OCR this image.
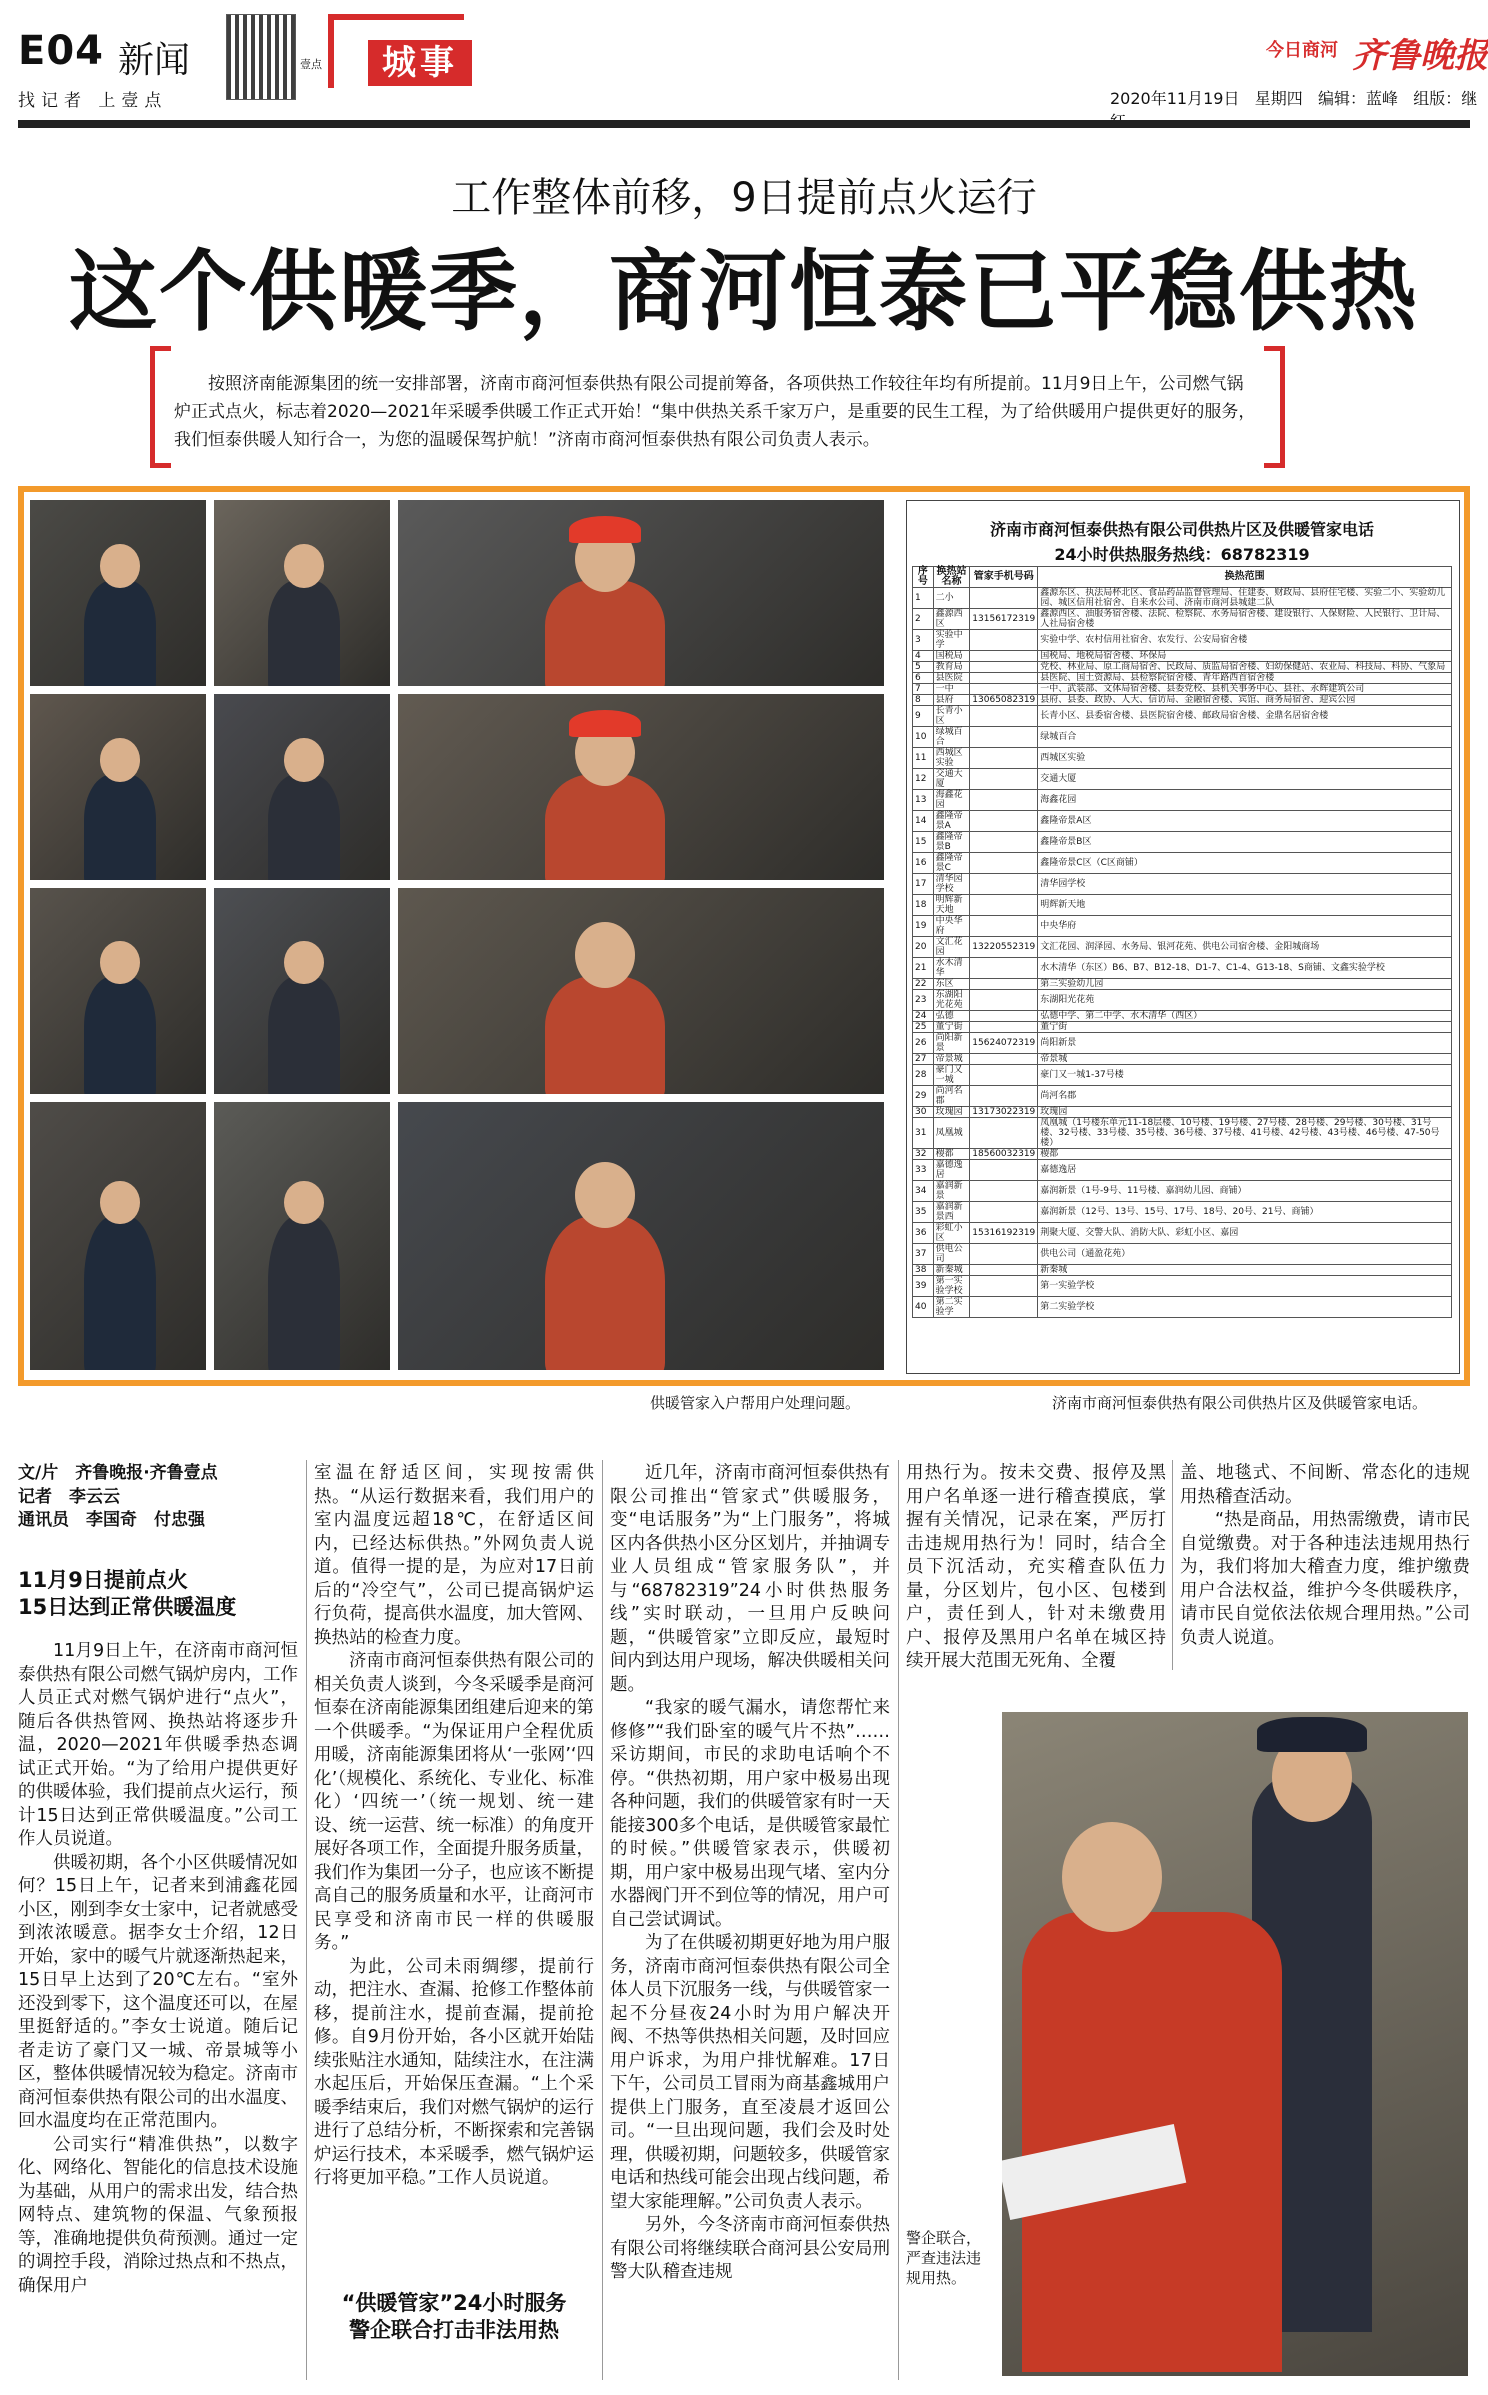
E04 新闻
找记者 上壹点
壹点	城事	今日商河 齐鲁晚报
2020年11月19日 星期四 编辑：蓝峰 组版：继
工作整体前移，9日提前点火运行
这个供暖季，商河恒泰已平稳供热
按照济南能源集团的统一安排部署，济南市商河恒泰供热有限公司提前筹备，各项供热工作较往年均有所提前。11月9日上午，公司燃气锅炉正式点火，标志着2020—2021年采暖季供暖工作正式开始！“集中供热关系千家万户，是重要的民生工程，为了给供暖用户提供更好的服务，我们恒泰供暖人知行合一，为您的温暖保驾护航！”济南市商河恒泰供热有限公司负责人表示。
济南市商河恒泰供热有限公司供热片区及供暖管家电话
24小时供热服务热线：68782319
序号	换热站名称	管家手机号码	换热范围
1	二小		鑫源东区、执法局杯北区、食品药品监督管理局、住建委、财政局、县府住宅楼、实验二小、实验幼儿园、城区信用社宿舍、自来水公司、济南市商河县城建二队
2	鑫源西区	13156172319	鑫源西区、油服务宿舍楼、法院、检察院、水务局宿舍楼、建设银行、人保财险、人民银行、卫计局、人社局宿舍楼
3	实验中学		实验中学、农村信用社宿舍、农发行、公安局宿舍楼
4	国税局		国税局、地税局宿舍楼、环保局
5	教育局		党校、林业局、原工商局宿舍、民政局、质监局宿舍楼、妇幼保健站、农业局、科技局、科协、气象局
6	县医院		县医院、国土资源局、县检察院宿舍楼、青年路西首宿舍楼
7	一中		一中、武装部、文体局宿舍楼、县委党校、县机关事务中心、县社、永辉建筑公司
8	县府	13065082319	县府、县委、政协、人大、信访局、金融宿舍楼、宾馆、商务局宿舍、迎宾公园
9	长青小区		长青小区、县委宿舍楼、县医院宿舍楼、邮政局宿舍楼、金鼎名居宿舍楼
10	绿城百合		绿城百合
11	西城区实验		西城区实验
12	交通大厦		交通大厦
13	海鑫花园		海鑫花园
14	鑫隆帝景A		鑫隆帝景A区
15	鑫隆帝景B		鑫隆帝景B区
16	鑫隆帝景C		鑫隆帝景C区（C区商铺）
17	清华园学校		清华园学校
18	明辉新天地		明辉新天地
19	中央华府		中央华府
20	文汇花园	13220552319	文汇花园、润泽园、水务局、银河花苑、供电公司宿舍楼、金阳城商场
21	水木清华		水木清华（东区）B6、B7、B12-18、D1-7、C1-4、G13-18、S商铺、文鑫实验学校
22	东区		第三实验幼儿园
23	东湖阳光花苑		东湖阳光花苑
24	弘德		弘德中学、第二中学、水木清华（西区）
25	董宁街		董宁街
26	尚阳新景	15624072319	尚阳新景
27	帝景城		帝景城
28	豪门又一城		豪门又一城1-37号楼
29	尚河名郡		尚河名郡
30	玫瑰园	13173022319	玫瑰园
31	凤凰城		凤凰城（1号楼东单元11-18层楼、10号楼、19号楼、27号楼、28号楼、29号楼、30号楼、31号楼、32号楼、33号楼、35号楼、36号楼、37号楼、41号楼、42号楼、43号楼、46号楼、47-50号楼）
32	稷都	18560032319	稷都
33	嘉德逸居		嘉德逸居
34	嘉润新景		嘉润新景（1号-9号、11号楼、嘉润幼儿园、商铺）
35	嘉润新景西		嘉润新景（12号、13号、15号、17号、18号、20号、21号、商铺）
36	彩虹小区	15316192319	荆聚大厦、交警大队、消防大队、彩虹小区、嘉园
37	供电公司		供电公司（通盈花苑）
38	新秦城		新秦城
39	第一实验学校		第一实验学校
40	第二实验学		第二实验学校
供暖管家入户帮用户处理问题。	济南市商河恒泰供热有限公司供热片区及供暖管家电话。
文/片　齐鲁晚报·齐鲁壹点
记者　李云云
通讯员　李国奇　付忠强
11月9日提前点火
15日达到正常供暖温度

11月9日上午，在济南市商河恒泰供热有限公司燃气锅炉房内，工作人员正式对燃气锅炉进行“点火”，随后各供热管网、换热站将逐步升温，2020—2021年供暖季热态调试正式开始。“为了给用户提供更好的供暖体验，我们提前点火运行，预计15日达到正常供暖温度。”公司工作人员说道。

供暖初期，各个小区供暖情况如何？15日上午，记者来到浦鑫花园小区，刚到李女士家中，记者就感受到浓浓暖意。据李女士介绍，12日开始，家中的暖气片就逐渐热起来，15日早上达到了20℃左右。“室外还没到零下，这个温度还可以，在屋里挺舒适的。”李女士说道。随后记者走访了豪门又一城、帝景城等小区，整体供暖情况较为稳定。济南市商河恒泰供热有限公司的出水温度、回水温度均在正常范围内。

公司实行“精准供热”，以数字化、网络化、智能化的信息技术设施为基础，从用户的需求出发，结合热网特点、建筑物的保温、气象预报等，准确地提供负荷预测。通过一定的调控手段，消除过热点和不热点，确保用户

室温在舒适区间，实现按需供热。“从运行数据来看，我们用户的室内温度远超18℃，在舒适区间内，已经达标供热。”外网负责人说道。值得一提的是，为应对17日前后的“冷空气”，公司已提高锅炉运行负荷，提高供水温度，加大管网、换热站的检查力度。

济南市商河恒泰供热有限公司的相关负责人谈到，今冬采暖季是商河恒泰在济南能源集团组建后迎来的第一个供暖季。“为保证用户全程优质用暖，济南能源集团将从‘一张网’‘四化’（规模化、系统化、专业化、标准化）‘四统一’（统一规划、统一建设、统一运营、统一标准）的角度开展好各项工作，全面提升服务质量，我们作为集团一分子，也应该不断提高自己的服务质量和水平，让商河市民享受和济南市民一样的供暖服务。”

为此，公司未雨绸缪，提前行动，把注水、查漏、抢修工作整体前移，提前注水，提前查漏，提前抢修。自9月份开始，各小区就开始陆续张贴注水通知，陆续注水，在注满水起压后，开始保压查漏。“上个采暖季结束后，我们对燃气锅炉的运行进行了总结分析，不断探索和完善锅炉运行技术，本采暖季，燃气锅炉运行将更加平稳。”工作人员说道。

“供暖管家”24小时服务
警企联合打击非法用热

近几年，济南市商河恒泰供热有限公司推出“管家式”供暖服务，变“电话服务”为“上门服务”，将城区内各供热小区分区划片，并抽调专业人员组成“管家服务队”，并与“68782319”24小时供热服务线”实时联动，一旦用户反映问题，“供暖管家”立即反应，最短时间内到达用户现场，解决供暖相关问题。

“我家的暖气漏水，请您帮忙来修修”“我们卧室的暖气片不热”……采访期间，市民的求助电话响个不停。“供热初期，用户家中极易出现各种问题，我们的供暖管家有时一天能接300多个电话，是供暖管家最忙的时候。”供暖管家表示，供暖初期，用户家中极易出现气堵、室内分水器阀门开不到位等的情况，用户可自己尝试调试。

为了在供暖初期更好地为用户服务，济南市商河恒泰供热有限公司全体人员下沉服务一线，与供暖管家一起不分昼夜24小时为用户解决开阀、不热等供热相关问题，及时回应用户诉求，为用户排忧解难。17日下午，公司员工冒雨为商基鑫城用户提供上门服务，直至凌晨才返回公司。“一旦出现问题，我们会及时处理，供暖初期，问题较多，供暖管家电话和热线可能会出现占线问题，希望大家能理解。”公司负责人表示。

另外，今冬济南市商河恒泰供热有限公司将继续联合商河县公安局刑警大队稽查违规

用热行为。按未交费、报停及黑用户名单逐一进行稽查摸底，掌握有关情况，记录在案，严厉打击违规用热行为！同时，结合全员下沉活动，充实稽查队伍力量，分区划片，包小区、包楼到户，责任到人，针对未缴费用户、报停及黑用户名单在城区持续开展大范围无死角、全覆

盖、地毯式、不间断、常态化的违规用热稽查活动。

“热是商品，用热需缴费，请市民自觉缴费。对于各种违法违规用热行为，我们将加大稽查力度，维护缴费用户合法权益，维护今冬供暖秩序，请市民自觉依法依规合理用热。”公司负责人说道。

警企联合，严查违法违规用热。
